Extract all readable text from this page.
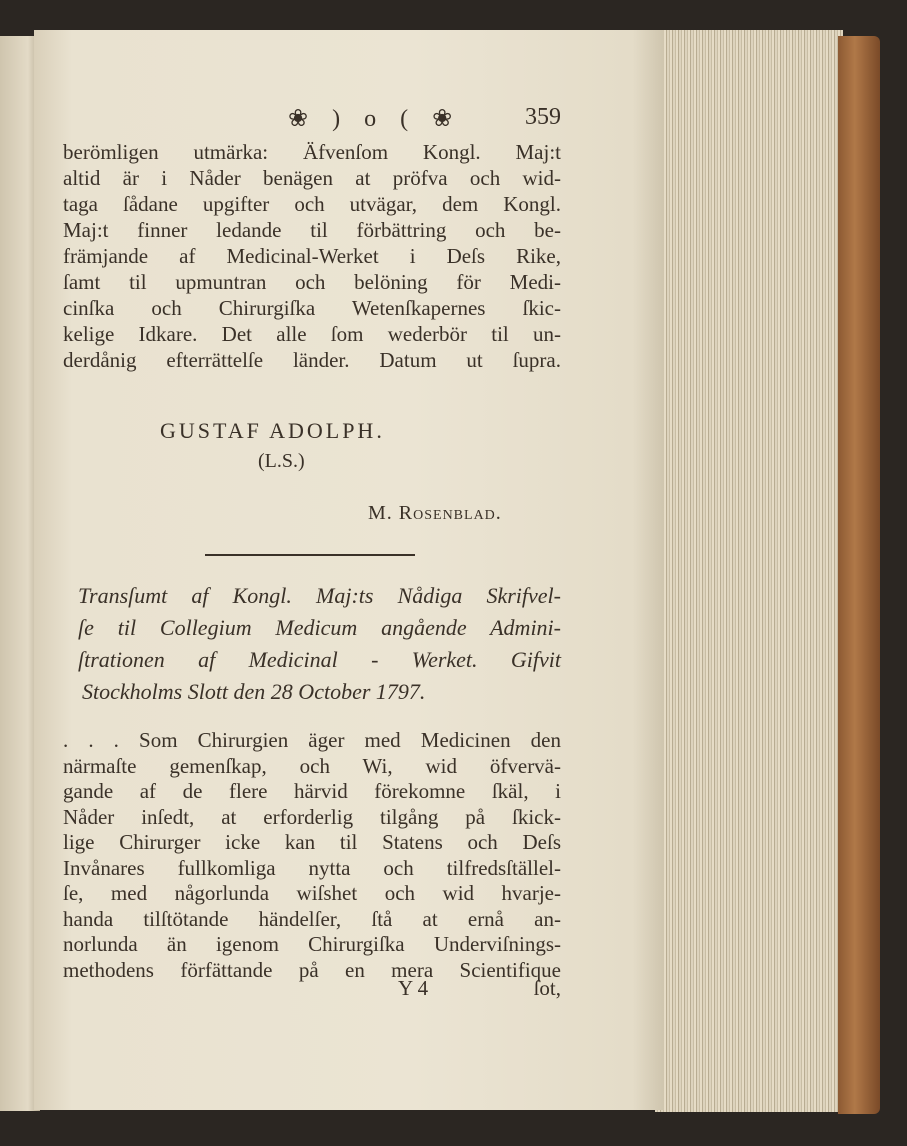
❀ ) o ( ❀	359
berömligen utmärka: Äfvenſom Kongl. Maj:t
altid är i Nåder benägen at pröfva och wid-
taga ſådane upgifter och utvägar, dem Kongl.
Maj:t finner ledande til förbättring och be-
främjande af Medicinal-Werket i Deſs Rike,
ſamt til upmuntran och belöning för Medi-
cinſka och Chirurgiſka Wetenſkapernes ſkic-
kelige Idkare. Det alle ſom wederbör til un-
derdånig efterrättelſe länder. Datum ut ſupra.
GUSTAF ADOLPH.
(L.S.)
M. Rosenblad.
Transſumt af Kongl. Maj:ts Nådiga Skrifvel-
ſe til Collegium Medicum angående Admini-
ſtrationen af Medicinal - Werket. Gifvit
Stockholms Slott den 28 October 1797.
. . . Som Chirurgien äger med Medicinen den
närmaſte gemenſkap, och Wi, wid öfvervä-
gande af de flere härvid förekomne ſkäl, i
Nåder inſedt, at erforderlig tilgång på ſkick-
lige Chirurger icke kan til Statens och Deſs
Invånares fullkomliga nytta och tilfredsſtällel-
ſe, med någorlunda wiſshet och wid hvarje-
handa tilſtötande händelſer, ſtå at ernå an-
norlunda än igenom Chirurgiſka Underviſnings-
methodens förfättande på en mera Scientifique
Y 4	ſot,
